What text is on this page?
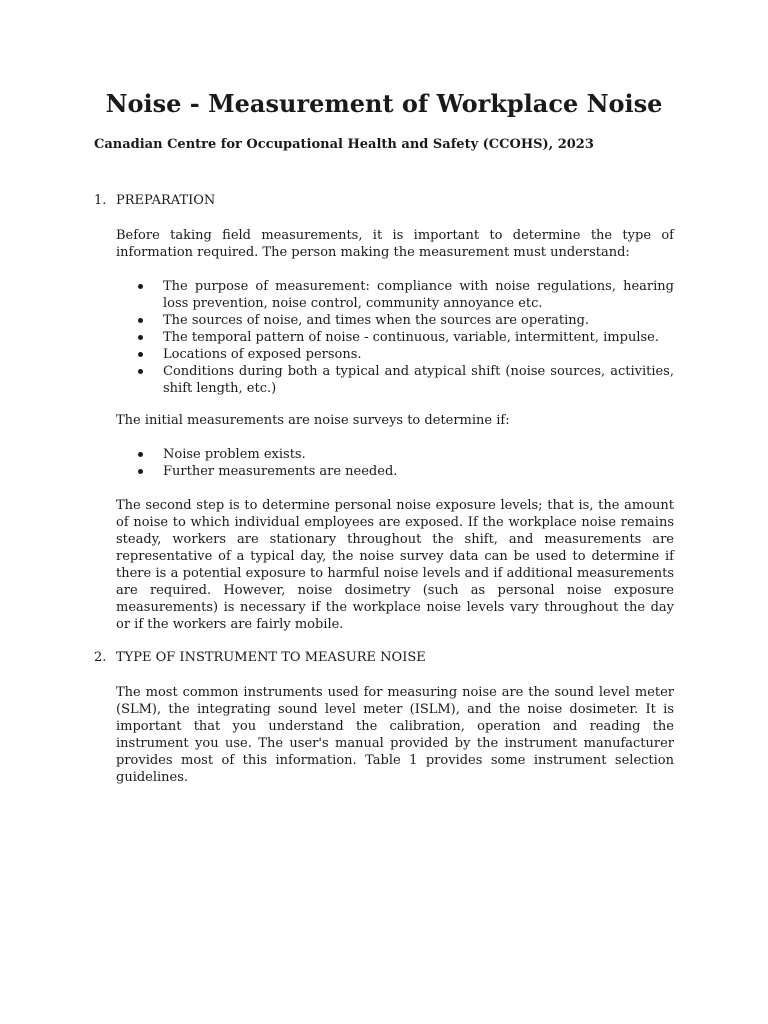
Noise - Measurement of Workplace Noise

Canadian Centre for Occupational Health and Safety (CCOHS), 2023

1. PREPARATION

Before taking field measurements, it is important to determine the type of information required. The person making the measurement must understand:

The purpose of measurement: compliance with noise regulations, hearing loss prevention, noise control, community annoyance etc.
The sources of noise, and times when the sources are operating.
The temporal pattern of noise - continuous, variable, intermittent, impulse.
Locations of exposed persons.
Conditions during both a typical and atypical shift (noise sources, activities, shift length, etc.)

The initial measurements are noise surveys to determine if:

Noise problem exists.
Further measurements are needed.

The second step is to determine personal noise exposure levels; that is, the amount of noise to which individual employees are exposed. If the workplace noise remains steady, workers are stationary throughout the shift, and measurements are representative of a typical day, the noise survey data can be used to determine if there is a potential exposure to harmful noise levels and if additional measurements are required. However, noise dosimetry (such as personal noise exposure measurements) is necessary if the workplace noise levels vary throughout the day or if the workers are fairly mobile.

2. TYPE OF INSTRUMENT TO MEASURE NOISE

The most common instruments used for measuring noise are the sound level meter (SLM), the integrating sound level meter (ISLM), and the noise dosimeter. It is important that you understand the calibration, operation and reading the instrument you use. The user's manual provided by the instrument manufacturer provides most of this information. Table 1 provides some instrument selection guidelines.
